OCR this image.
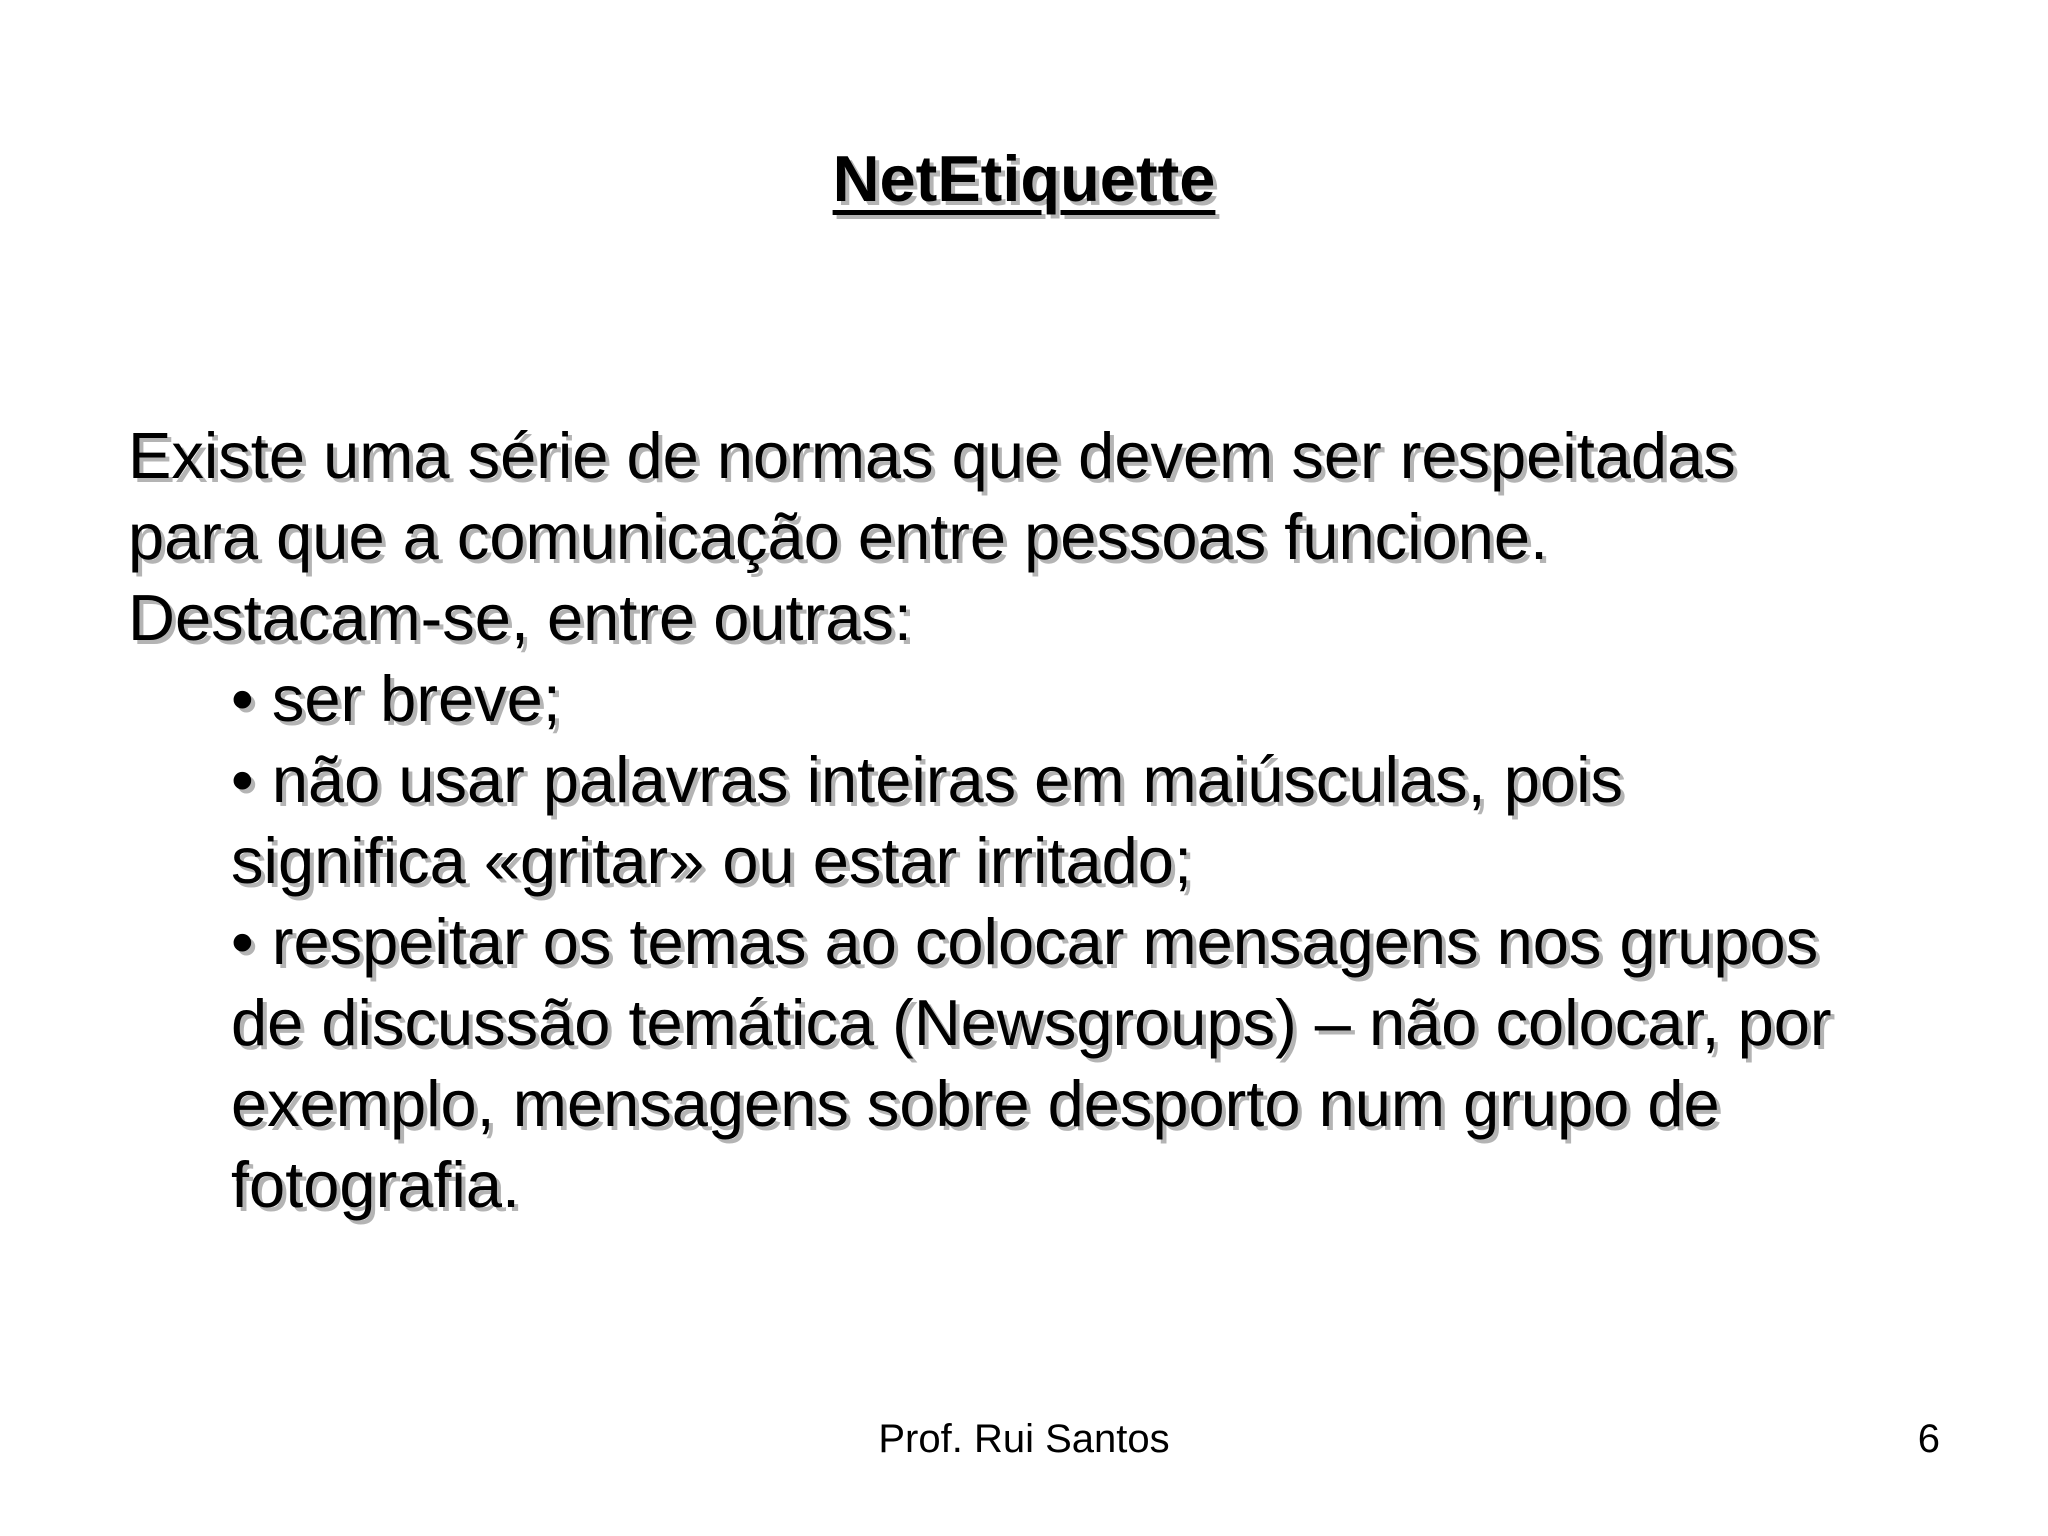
NetEtiquette
Existe uma série de normas que devem ser respeitadas
para que a comunicação entre pessoas funcione.
Destacam-se, entre outras:
• ser breve;
• não usar palavras inteiras em maiúsculas, pois
significa «gritar» ou estar irritado;
• respeitar os temas ao colocar mensagens nos grupos
de discussão temática (Newsgroups) – não colocar, por
exemplo, mensagens sobre desporto num grupo de
fotografia.
Prof. Rui Santos	6
